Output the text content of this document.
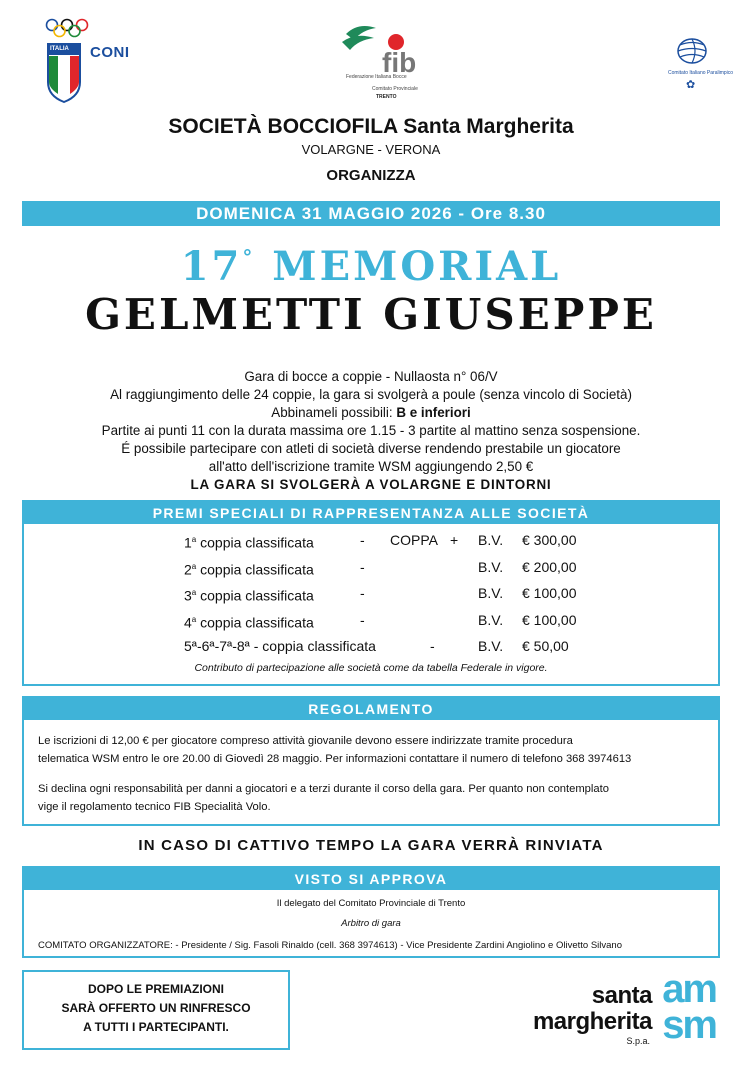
ITALIA CONI	fib
Federazione Italiana Bocce
Comitato Provinciale
TRENTO
Comitato Italiano Paralimpico
✿
SOCIETÀ BOCCIOFILA Santa Margherita
VOLARGNE - VERONA
ORGANIZZA
DOMENICA 31 MAGGIO 2026 - Ore 8.30
17° MEMORIAL
GELMETTI GIUSEPPE
Gara di bocce a coppie - Nullaosta n° 06/V
Al raggiungimento delle 24 coppie, la gara si svolgerà a poule (senza vincolo di Società)
Abbinameli possibili: B e inferiori
Partite ai punti 11 con la durata massima ore 1.15 - 3 partite al mattino senza sospensione.
É possibile partecipare con atleti di società diverse rendendo prestabile un giocatore
all'atto dell'iscrizione tramite WSM aggiungendo 2,50 €
LA GARA SI SVOLGERÀ A VOLARGNE E DINTORNI
PREMI SPECIALI DI RAPPRESENTANZA ALLE SOCIETÀ
1$^a$ coppia classificata	- COPPA + B.V. € 300,00
2$^a$ coppia classificata	-	B.V. € 200,00
3$^a$ coppia classificata	-	B.V. € 100,00
4$^a$ coppia classificata	-	B.V. € 100,00
5ª-6ª-7ª-8ª - coppia classificata	-	B.V. € 50,00
Contributo di partecipazione alle società come da tabella Federale in vigore.
REGOLAMENTO
Le iscrizioni di 12,00 € per giocatore compreso attività giovanile devono essere indirizzate tramite procedura
telematica WSM entro le ore 20.00 di Giovedì 28 maggio. Per informazioni contattare il numero di telefono 368 3974613
Si declina ogni responsabilità per danni a giocatori e a terzi durante il corso della gara. Per quanto non contemplato
vige il regolamento tecnico FIB Specialità Volo.
IN CASO DI CATTIVO TEMPO LA GARA VERRÀ RINVIATA
VISTO SI APPROVA
Il delegato del Comitato Provinciale di Trento
Arbitro di gara
COMITATO ORGANIZZATORE: - Presidente / Sig. Fasoli Rinaldo (cell. 368 3974613) - Vice Presidente Zardini Angiolino e Olivetto Silvano
DOPO LE PREMIAZIONI
SARÀ OFFERTO UN RINFRESCO
A TUTTI I PARTECIPANTI.
santa
margherita
S.p.a.
am
sm
